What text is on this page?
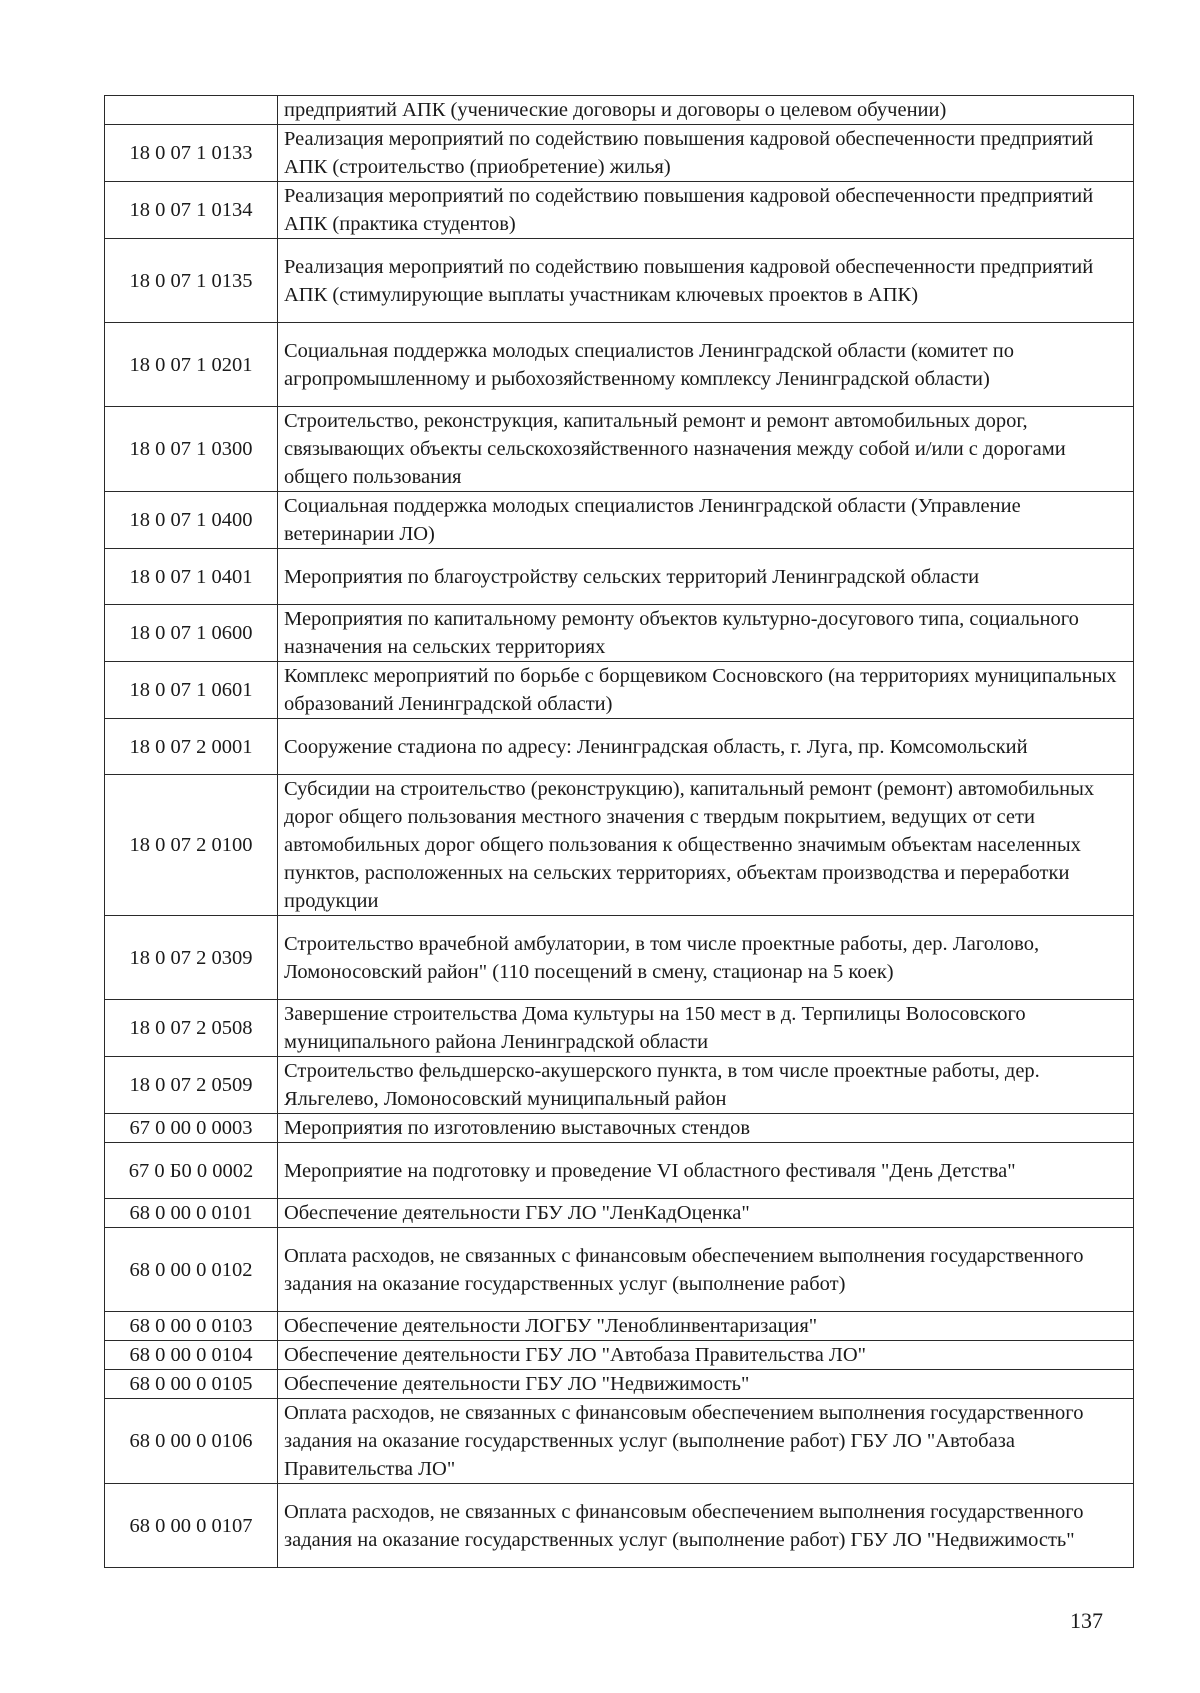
	предприятий АПК (ученические договоры и договоры о целевом обучении)
18 0 07 1 0133	Реализация мероприятий по содействию повышения кадровой обеспеченности предприятий АПК (строительство (приобретение) жилья)
18 0 07 1 0134	Реализация мероприятий по содействию повышения кадровой обеспеченности предприятий АПК (практика студентов)
18 0 07 1 0135	Реализация мероприятий по содействию повышения кадровой обеспеченности предприятий АПК (стимулирующие выплаты участникам ключевых проектов в АПК)
18 0 07 1 0201	Социальная поддержка молодых специалистов Ленинградской области (комитет по агропромышленному и рыбохозяйственному комплексу Ленинградской области)
18 0 07 1 0300	Строительство, реконструкция, капитальный ремонт и ремонт автомобильных дорог, связывающих объекты сельскохозяйственного назначения между собой и/или с дорогами общего пользования
18 0 07 1 0400	Социальная поддержка молодых специалистов Ленинградской области (Управление ветеринарии ЛО)
18 0 07 1 0401	Мероприятия по благоустройству сельских территорий Ленинградской области
18 0 07 1 0600	Мероприятия по капитальному ремонту объектов культурно-досугового типа, социального назначения на сельских территориях
18 0 07 1 0601	Комплекс мероприятий по борьбе с борщевиком Сосновского (на территориях муниципальных образований Ленинградской области)
18 0 07 2 0001	Сооружение стадиона по адресу: Ленинградская область, г. Луга, пр. Комсомольский
18 0 07 2 0100	Субсидии на строительство (реконструкцию), капитальный ремонт (ремонт) автомобильных дорог общего пользования местного значения с твердым покрытием, ведущих от сети автомобильных дорог общего пользования к общественно значимым объектам населенных пунктов, расположенных на сельских территориях, объектам производства и переработки продукции
18 0 07 2 0309	Строительство врачебной амбулатории, в том числе проектные работы, дер. Лаголово, Ломоносовский район" (110 посещений в смену, стационар на 5 коек)
18 0 07 2 0508	Завершение строительства Дома культуры на 150 мест в д. Терпилицы Волосовского муниципального района Ленинградской области
18 0 07 2 0509	Строительство фельдшерско-акушерского пункта, в том числе проектные работы, дер. Яльгелево, Ломоносовский муниципальный район
67 0 00 0 0003	Мероприятия по изготовлению выставочных стендов
67 0 Б0 0 0002	Мероприятие на подготовку и проведение VI областного фестиваля "День Детства"
68 0 00 0 0101	Обеспечение деятельности ГБУ ЛО "ЛенКадОценка"
68 0 00 0 0102	Оплата расходов, не связанных с финансовым обеспечением выполнения государственного задания на оказание государственных услуг (выполнение работ)
68 0 00 0 0103	Обеспечение деятельности ЛОГБУ "Леноблинвентаризация"
68 0 00 0 0104	Обеспечение деятельности ГБУ ЛО "Автобаза Правительства ЛО"
68 0 00 0 0105	Обеспечение деятельности ГБУ ЛО "Недвижимость"
68 0 00 0 0106	Оплата расходов, не связанных с финансовым обеспечением выполнения государственного задания на оказание государственных услуг (выполнение работ) ГБУ ЛО "Автобаза Правительства ЛО"
68 0 00 0 0107	Оплата расходов, не связанных с финансовым обеспечением выполнения государственного задания на оказание государственных услуг (выполнение работ) ГБУ ЛО "Недвижимость"
137
